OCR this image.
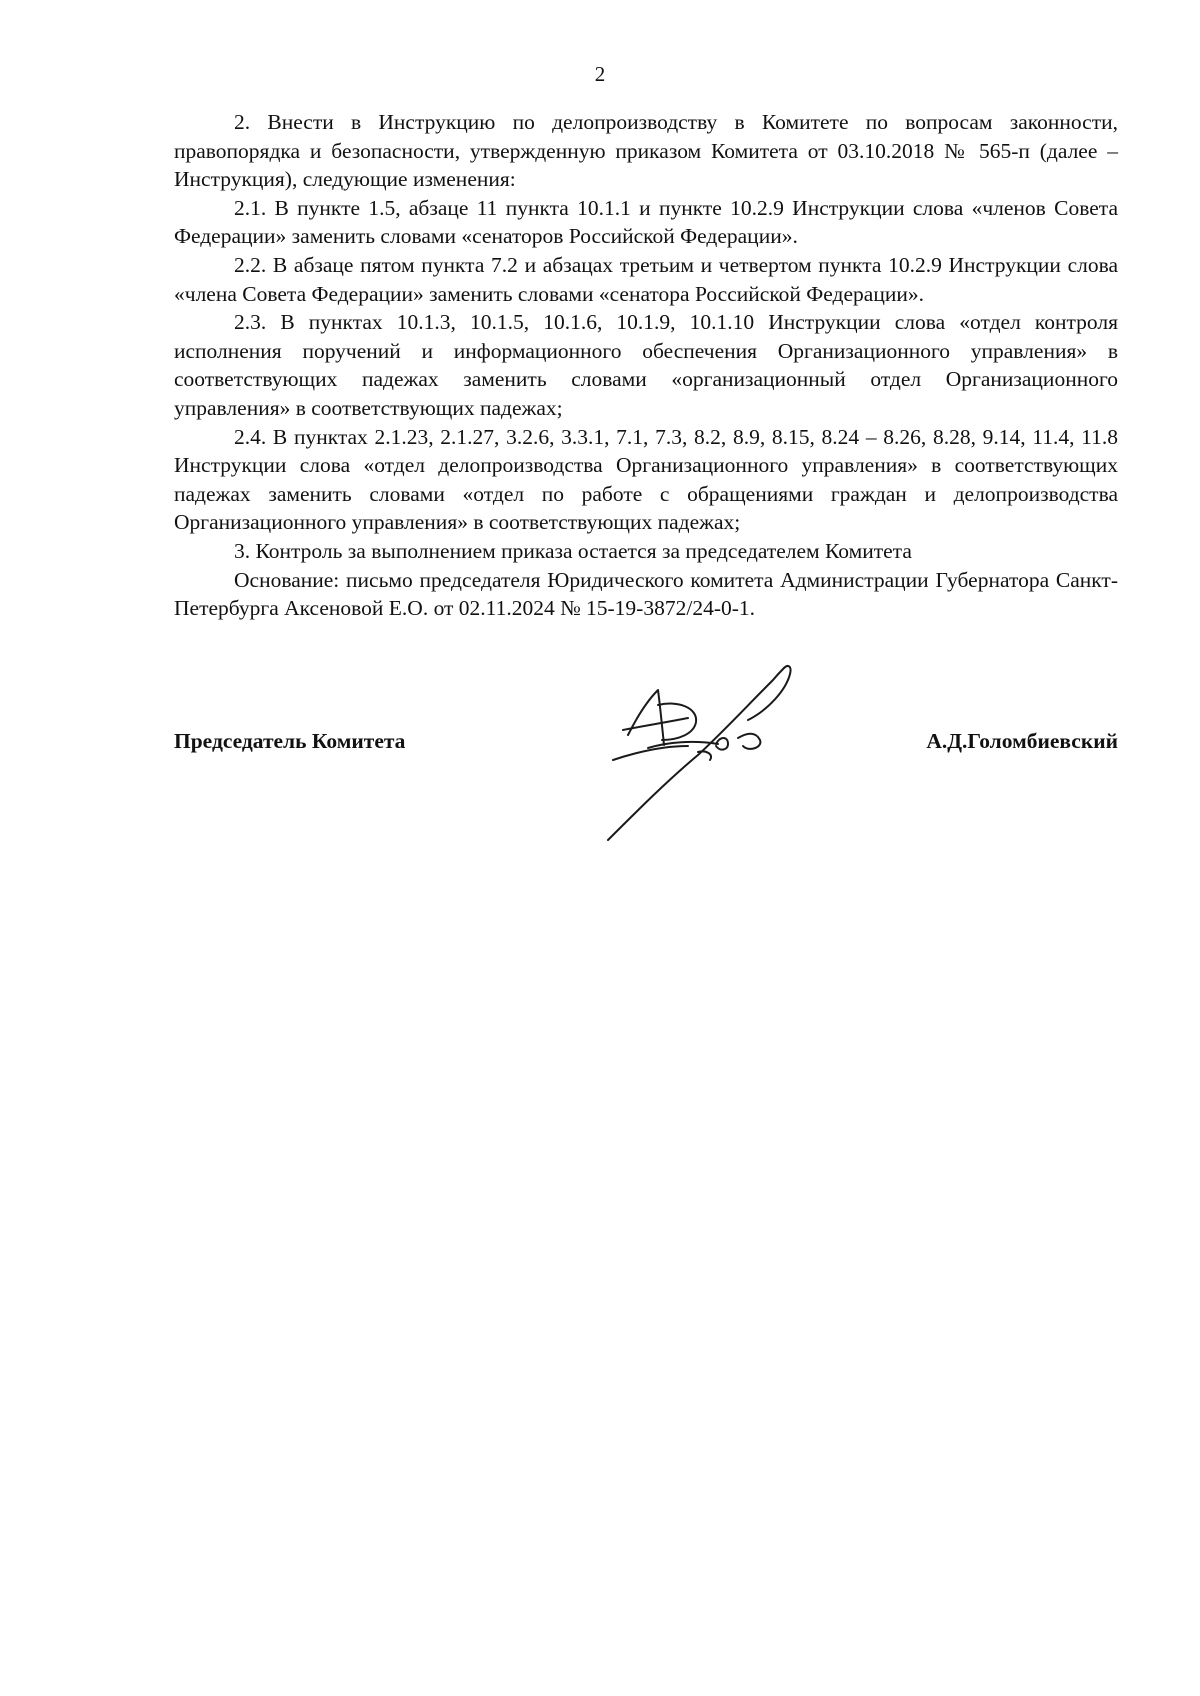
2

2. Внести в Инструкцию по делопроизводству в Комитете по вопросам законности, правопорядка и безопасности, утвержденную приказом Комитета от 03.10.2018 № 565-п (далее – Инструкция), следующие изменения:

2.1. В пункте 1.5, абзаце 11 пункта 10.1.1 и пункте 10.2.9 Инструкции слова «членов Совета Федерации» заменить словами «сенаторов Российской Федерации».

2.2. В абзаце пятом пункта 7.2 и абзацах третьим и четвертом пункта 10.2.9 Инструкции слова «члена Совета Федерации» заменить словами «сенатора Российской Федерации».

2.3. В пунктах 10.1.3, 10.1.5, 10.1.6, 10.1.9, 10.1.10 Инструкции слова «отдел контроля исполнения поручений и информационного обеспечения Организационного управления» в соответствующих падежах заменить словами «организационный отдел Организационного управления» в соответствующих падежах;

2.4. В пунктах 2.1.23, 2.1.27, 3.2.6, 3.3.1, 7.1, 7.3, 8.2, 8.9, 8.15, 8.24 – 8.26, 8.28, 9.14, 11.4, 11.8 Инструкции слова «отдел делопроизводства Организационного управления» в соответствующих падежах заменить словами «отдел по работе с обращениями граждан и делопроизводства Организационного управления» в соответствующих падежах;

3. Контроль за выполнением приказа остается за председателем Комитета

Основание: письмо председателя Юридического комитета Администрации Губернатора Санкт-Петербурга Аксеновой Е.О. от 02.11.2024 № 15-19-3872/24-0-1.

Председатель Комитета	А.Д.Голомбиевский
